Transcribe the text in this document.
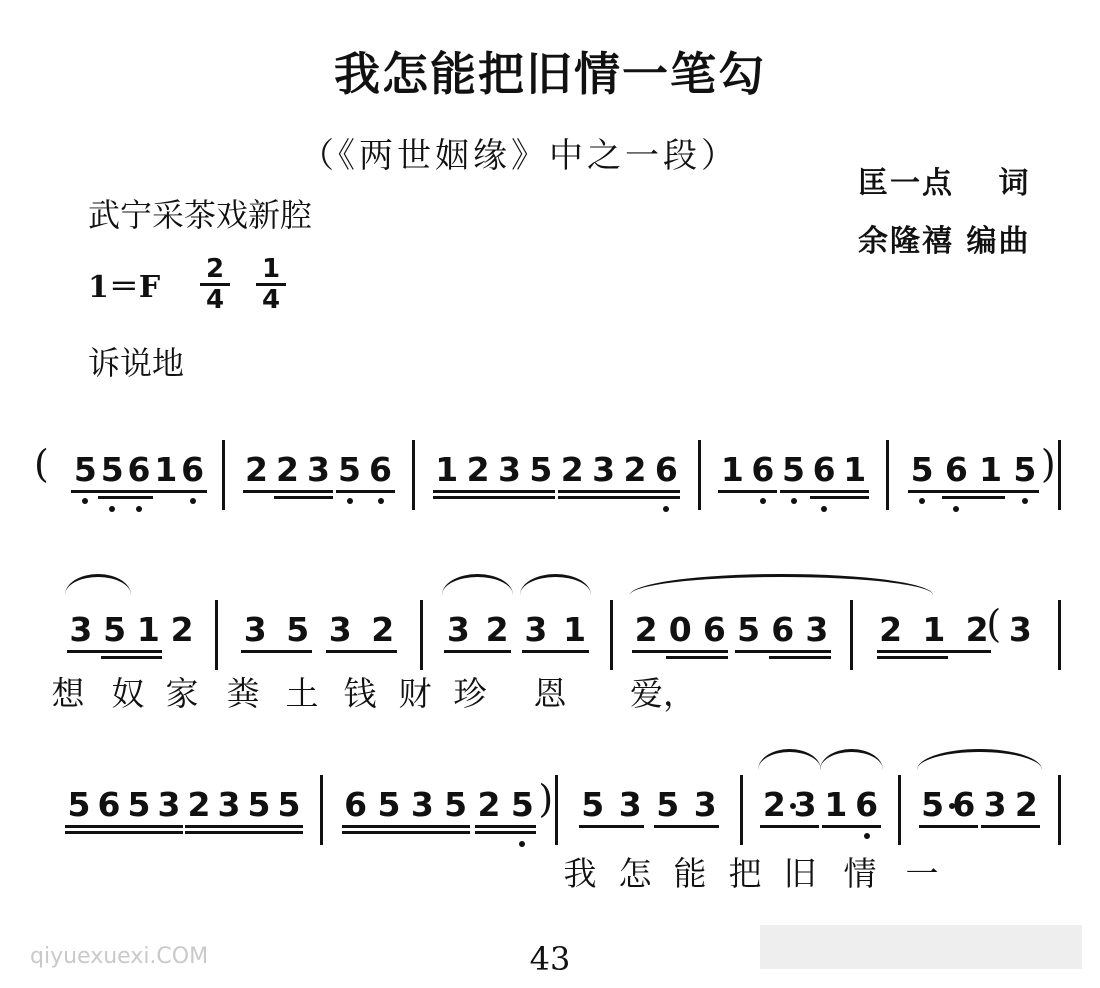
我怎能把旧情一笔勾
（《两世姻缘》中之一段）
匡一点　 词
余隆禧 编曲
武宁采茶戏新腔
$1=F \frac{2}{4} \frac{1}{4}$
诉说地
( 5 5 6 1 6 2 2 3 5 6 1 2 3 5 2 3 2 6 1 6 5 6 1 5 6 1 5 )
3 5 1 2 3 5 3 2 3 2 3 1 2 0 6 5 6 3 2 1 2 3
(
想 奴 家 粪 土 钱 财 珍 恩 爱，
5 6 5 3 2 3 5 5 6 5 3 5 2 5 ) 5 3 5 3 2 3 1 6 5 6 3 2
我 怎 能 把 旧 情 一
qiyuexuexi.COM	43
